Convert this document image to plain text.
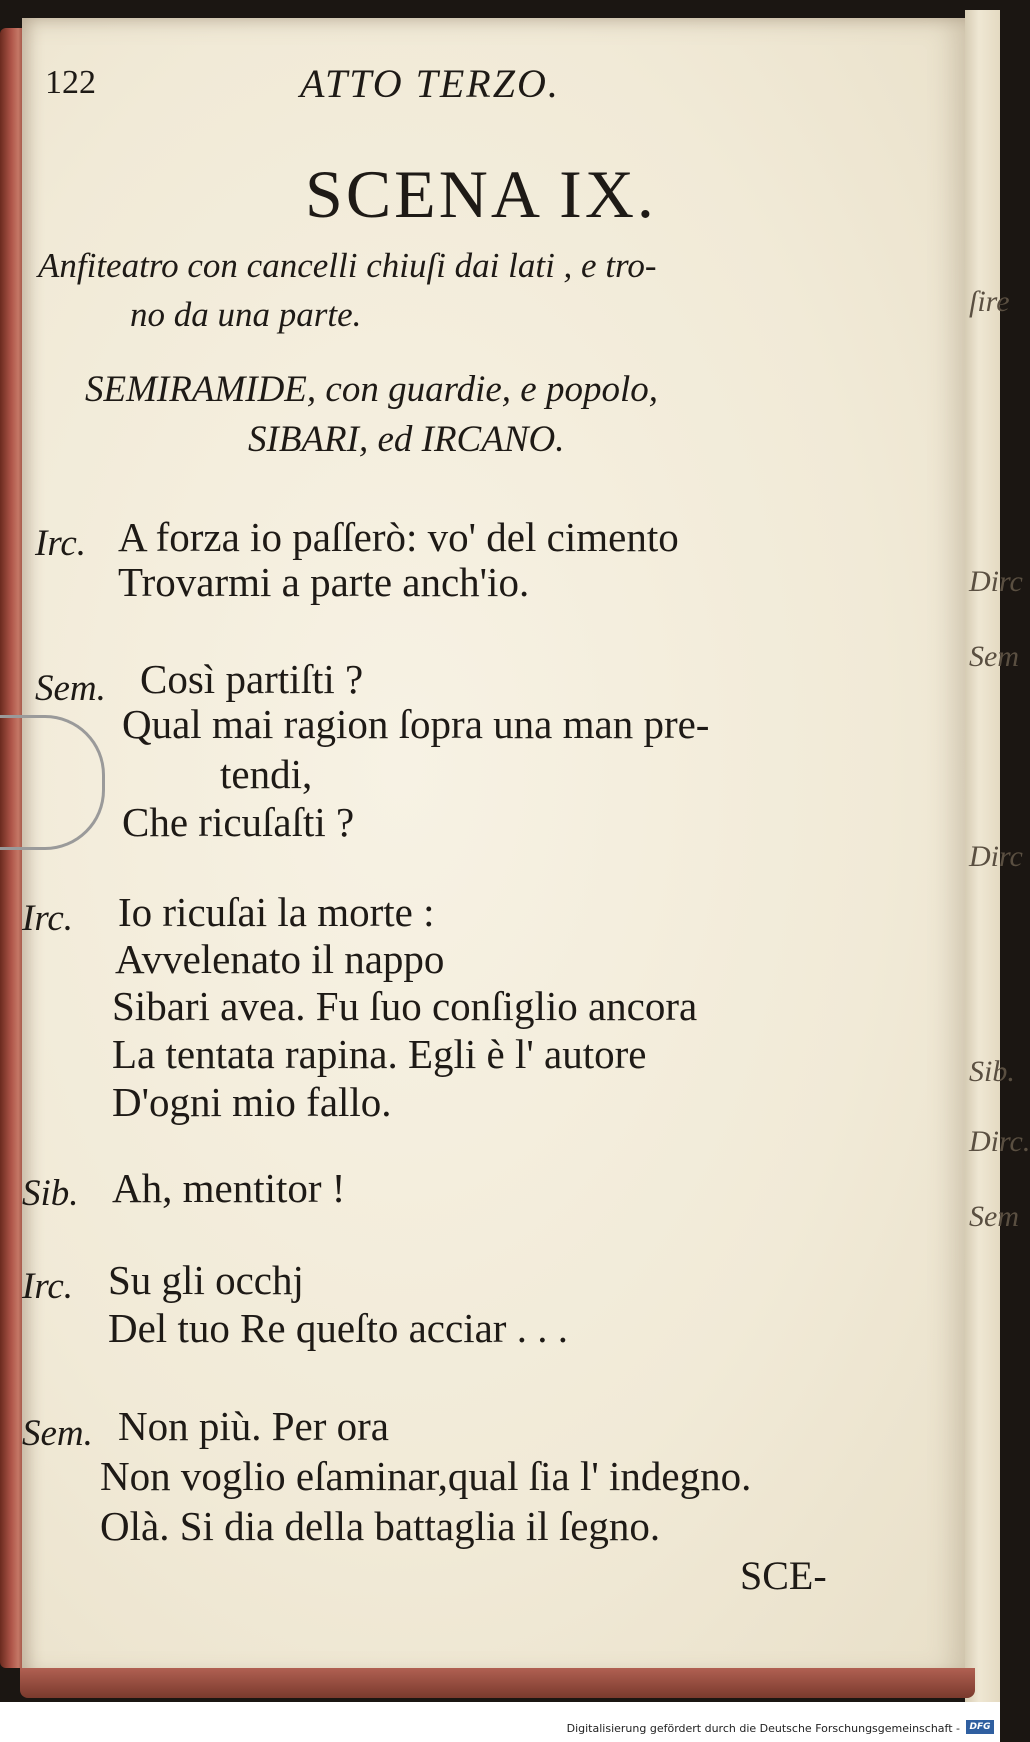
ſire
Dirc
Sem
Dirc
Sib.
Dirc.
Sem
122	ATTO TERZO.
SCENA IX.
Anfiteatro con cancelli chiuſi dai lati , e tro-
no da una parte.
SEMIRAMIDE, con guardie, e popolo,
SIBARI, ed IRCANO.
Irc. A forza io paſſerò: vo' del cimento
Trovarmi a parte anch'io.
Sem. Così partiſti ?
Qual mai ragion ſopra una man pre-
tendi,
Che ricuſaſti ?
Irc. Io ricuſai la morte :
Avvelenato il nappo
Sibari avea. Fu ſuo conſiglio ancora
La tentata rapina. Egli è l' autore
D'ogni mio fallo.
Sib. Ah, mentitor !
Irc. Su gli occhj
Del tuo Re queſto acciar . . .
Sem. Non più. Per ora
Non voglio eſaminar,qual ſia l' indegno.
Olà. Si dia della battaglia il ſegno.
SCE-
Digitalisierung gefördert durch die Deutsche Forschungsgemeinschaft -	DFG
